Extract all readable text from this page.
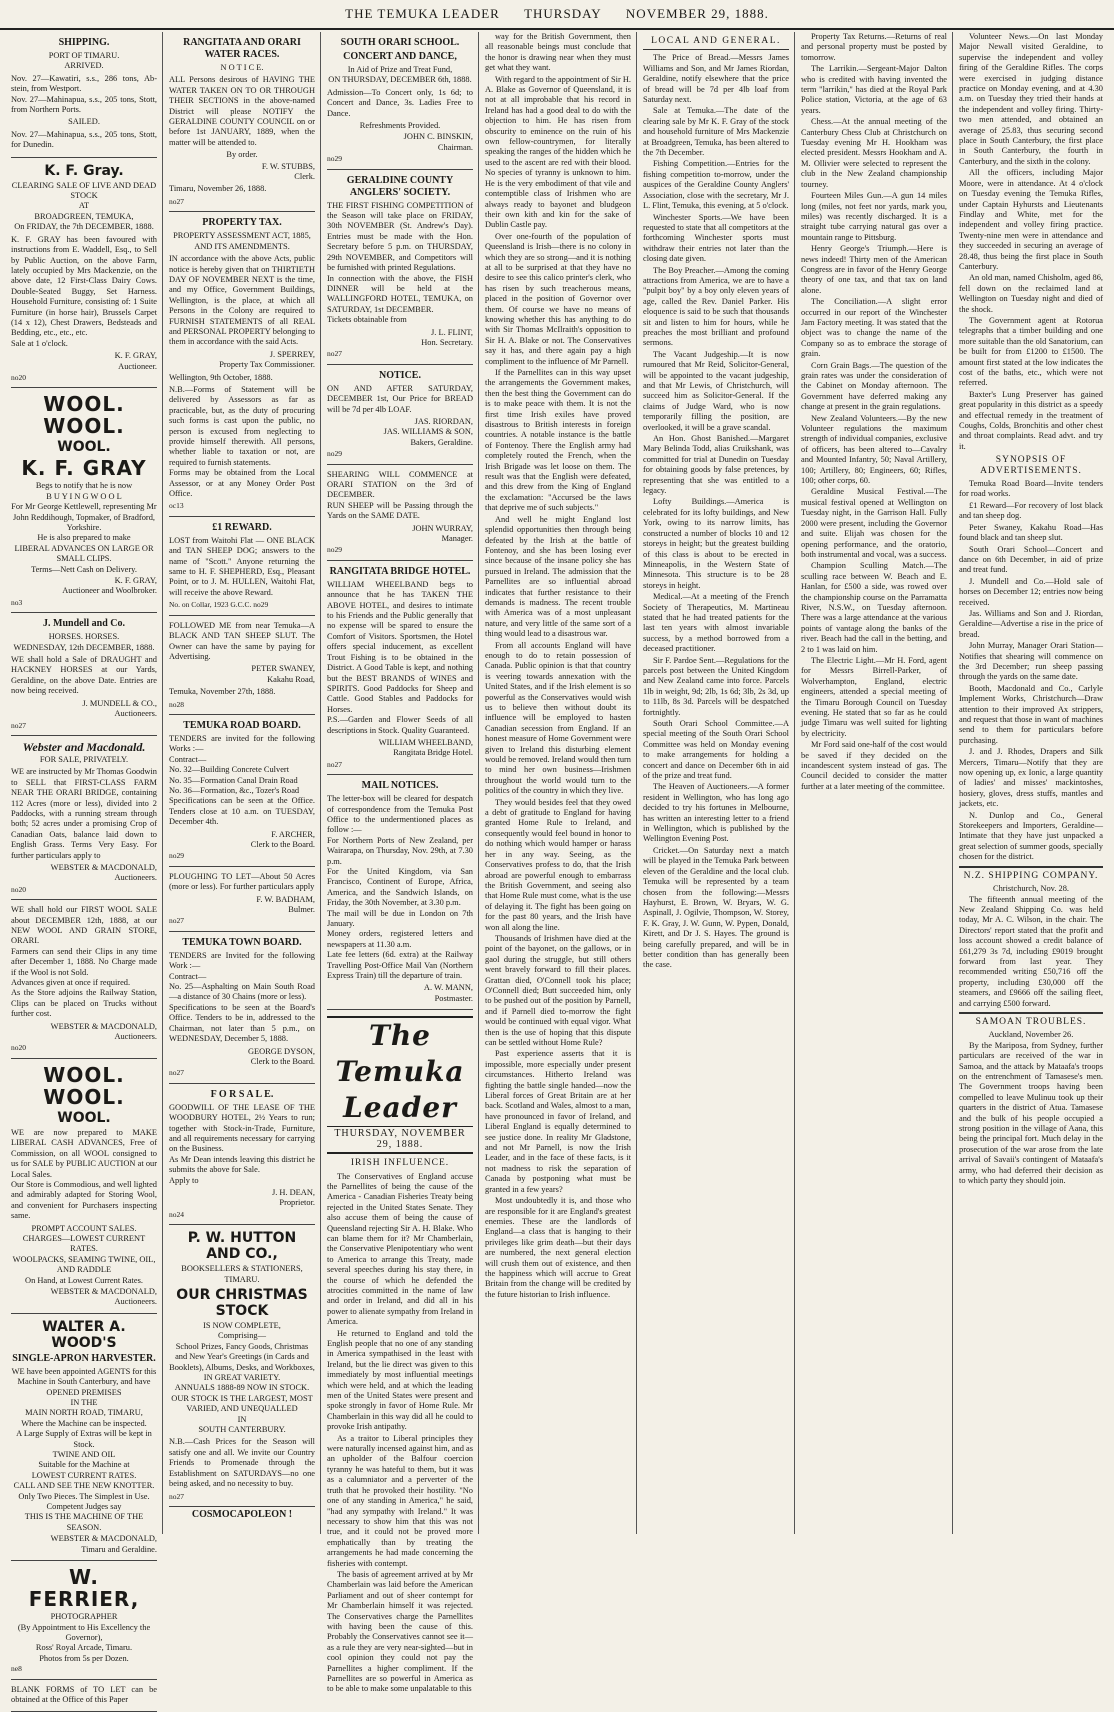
THE TEMUKA LEADER THURSDAY NOVEMBER 29, 1888.
SHIPPING.
PORT OF TIMARU.
ARRIVED.
Nov. 27—Kawatiri, s.s., 286 tons, Ab-stein, from Westport.
Nov. 27—Mahinapua, s.s., 205 tons, Stott, from Northern Ports.
SAILED.
Nov. 27—Mahinapua, s.s., 205 tons, Stott, for Dunedin.
K. F. Gray.
CLEARING SALE OF LIVE AND DEAD STOCK
AT
BROADGREEN, TEMUKA,
On FRIDAY, the 7th DECEMBER, 1888.
K. F. GRAY has been favoured with instructions from E. Waddell, Esq., to Sell by Public Auction, on the above Farm, lately occupied by Mrs Mackenzie, on the above date, 12 First-Class Dairy Cows. Double-Seated Buggy, Set Harness. Household Furniture, consisting of: 1 Suite Furniture (in horse hair), Brussels Carpet (14 x 12), Chest Drawers, Bedsteads and Bedding, etc., etc., etc.
Sale at 1 o'clock.
K. F. GRAY,
Auctioneer.
no20
WOOL. WOOL.
WOOL.
K. F. GRAY
Begs to notify that he is now
B U Y I N G W O O L
For Mr George Kettlewell, representing Mr John Reddihough, Topmaker, of Bradford, Yorkshire.
He is also prepared to make
LIBERAL ADVANCES ON LARGE OR SMALL CLIPS.
Terms—Nett Cash on Delivery.
K. F. GRAY,
Auctioneer and Woolbroker.
no3
J. Mundell and Co.
HORSES. HORSES.
WEDNESDAY, 12th DECEMBER, 1888.
WE shall hold a Sale of DRAUGHT and HACKNEY HORSES at our Yards, Geraldine, on the above Date. Entries are now being received.
J. MUNDELL & CO.,
Auctioneers.
no27
Webster and Macdonald.
FOR SALE, PRIVATELY.
WE are instructed by Mr Thomas Goodwin to SELL that FIRST-CLASS FARM NEAR THE ORARI BRIDGE, containing 112 Acres (more or less), divided into 2 Paddocks, with a running stream through both; 52 acres under a promising Crop of Canadian Oats, balance laid down to English Grass. Terms Very Easy. For further particulars apply to
WEBSTER & MACDONALD,
Auctioneers.
no20
WE shall hold our FIRST WOOL SALE about DECEMBER 12th, 1888, at our NEW WOOL AND GRAIN STORE, ORARI.
Farmers can send their Clips in any time after December 1, 1888. No Charge made if the Wool is not Sold.
Advances given at once if required.
As the Store adjoins the Railway Station, Clips can be placed on Trucks without further cost.
WEBSTER & MACDONALD,
Auctioneers.
no20
WOOL. WOOL.
WOOL.
WE are now prepared to MAKE LIBERAL CASH ADVANCES, Free of Commission, on all WOOL consigned to us for SALE by PUBLIC AUCTION at our Local Sales.
Our Store is Commodious, and well lighted and admirably adapted for Storing Wool, and convenient for Purchasers inspecting same.
PROMPT ACCOUNT SALES.
CHARGES—LOWEST CURRENT RATES.
WOOLPACKS, SEAMING TWINE, OIL, AND RADDLE
On Hand, at Lowest Current Rates.
WEBSTER & MACDONALD,
Auctioneers.
WALTER A. WOOD'S
SINGLE-APRON HARVESTER.
WE have been appointed AGENTS for this Machine in South Canterbury, and have
OPENED PREMISES
IN THE
MAIN NORTH ROAD, TIMARU,
Where the Machine can be inspected.
A Large Supply of Extras will be kept in Stock.
TWINE AND OIL
Suitable for the Machine at
LOWEST CURRENT RATES.
CALL AND SEE THE NEW KNOTTER.
Only Two Pieces. The Simplest in Use.
Competent Judges say
THIS IS THE MACHINE OF THE SEASON.
WEBSTER & MACDONALD,
Timaru and Geraldine.
W. FERRIER,
PHOTOGRAPHER
(By Appointment to His Excellency the Governor),
Ross' Royal Arcade, Timaru.
Photos from 5s per Dozen.
ne8
BLANK FORMS of TO LET can be obtained at the Office of this Paper
RANGITATA AND ORARI WATER RACES.
N O T I C E.
ALL Persons desirous of HAVING THE WATER TAKEN ON TO OR THROUGH THEIR SECTIONS in the above-named District will please NOTIFY the GERALDINE COUNTY COUNCIL on or before 1st JANUARY, 1889, when the matter will be attended to.
By order.
F. W. STUBBS,
Clerk.
Timaru, November 26, 1888.
no27
PROPERTY TAX.
PROPERTY ASSESSMENT ACT, 1885, AND ITS AMENDMENTS.
IN accordance with the above Acts, public notice is hereby given that on THIRTIETH DAY OF NOVEMBER NEXT is the time, and my Office, Government Buildings, Wellington, is the place, at which all Persons in the Colony are required to FURNISH STATEMENTS of all REAL and PERSONAL PROPERTY belonging to them in accordance with the said Acts.
J. SPERREY,
Property Tax Commissioner.
Wellington, 9th October, 1888.
N.B.—Forms of Statement will be delivered by Assessors as far as practicable, but, as the duty of procuring such forms is cast upon the public, no person is excused from neglecting to provide himself therewith. All persons, whether liable to taxation or not, are required to furnish statements.
Forms may be obtained from the Local Assessor, or at any Money Order Post Office.
oc13
£1 REWARD.
LOST from Waitohi Flat — ONE BLACK and TAN SHEEP DOG; answers to the name of "Scott." Anyone returning the same to H. F. SHEPHERD, Esq., Pleasant Point, or to J. M. HULLEN, Waitohi Flat, will receive the above Reward.
No. on Collar, 1923 G.C.C. no29
FOLLOWED ME from near Temuka—A BLACK AND TAN SHEEP SLUT. The Owner can have the same by paying for Advertising.
PETER SWANEY,
Kakahu Road,
Temuka, November 27th, 1888.
no28
TEMUKA ROAD BOARD.
TENDERS are invited for the following Works :—
Contract—
No. 32—Building Concrete Culvert
No. 35—Formation Canal Drain Road
No. 36—Formation, &c., Tozer's Road
Specifications can be seen at the Office. Tenders close at 10 a.m. on TUESDAY, December 4th.
F. ARCHER,
Clerk to the Board.
no29
PLOUGHING TO LET—About 50 Acres (more or less). For further particulars apply
F. W. BADHAM,
Bulmer.
no27
TEMUKA TOWN BOARD.
TENDERS are Invited for the following Work :—
Contract—
No. 25—Asphalting on Main South Road—a distance of 30 Chains (more or less).
Specifications to be seen at the Board's Office. Tenders to be in, addressed to the Chairman, not later than 5 p.m., on WEDNESDAY, December 5, 1888.
GEORGE DYSON,
Clerk to the Board.
no27
F O R S A L E.
GOODWILL OF THE LEASE OF THE WOODBURY HOTEL, 2½ Years to run; together with Stock-in-Trade, Furniture, and all requirements necessary for carrying on the Business.
As Mr Dean intends leaving this district he submits the above for Sale.
Apply to
J. H. DEAN,
Proprietor.
no24
P. W. HUTTON AND CO.,
BOOKSELLERS & STATIONERS,
TIMARU.
OUR CHRISTMAS STOCK
IS NOW COMPLETE,
Comprising—
School Prizes, Fancy Goods, Christmas and New Year's Greetings (in Cards and Booklets), Albums, Desks, and Workboxes,
IN GREAT VARIETY.
ANNUALS 1888-89 NOW IN STOCK.
OUR STOCK IS THE LARGEST, MOST VARIED, AND UNEQUALLED
IN
SOUTH CANTERBURY.
N.B.—Cash Prices for the Season will satisfy one and all. We invite our Country Friends to Promenade through the Establishment on SATURDAYS—no one being asked, and no necessity to buy.
no27
COSMOCAPOLEON !
SOUTH ORARI SCHOOL.
CONCERT AND DANCE,
In Aid of Prize and Treat Fund,
ON THURSDAY, DECEMBER 6th, 1888.
Admission—To Concert only, 1s 6d; to Concert and Dance, 3s. Ladies Free to Dance.
Refreshments Provided.
JOHN C. BINSKIN,
Chairman.
no29
GERALDINE COUNTY ANGLERS' SOCIETY.
THE FIRST FISHING COMPETITION of the Season will take place on FRIDAY, 30th NOVEMBER (St. Andrew's Day). Entries must be made with the Hon. Secretary before 5 p.m. on THURSDAY, 29th NOVEMBER, and Competitors will be furnished with printed Regulations.
In connection with the above, the FISH DINNER will be held at the WALLINGFORD HOTEL, TEMUKA, on SATURDAY, 1st DECEMBER.
Tickets obtainable from
J. L. FLINT,
Hon. Secretary.
no27
NOTICE.
ON AND AFTER SATURDAY, DECEMBER 1st, Our Price for BREAD will be 7d per 4lb LOAF.
JAS. RIORDAN,
JAS. WILLIAMS & SON,
Bakers, Geraldine.
no29
SHEARING WILL COMMENCE at ORARI STATION on the 3rd of DECEMBER.
RUN SHEEP will be Passing through the Yards on the SAME DATE.
JOHN WURRAY,
Manager.
no29
RANGITATA BRIDGE HOTEL.
WILLIAM WHEELBAND begs to announce that he has TAKEN THE ABOVE HOTEL, and desires to intimate to his Friends and the Public generally that no expense will be spared to ensure the Comfort of Visitors. Sportsmen, the Hotel offers special inducement, as excellent Trout Fishing is to be obtained in the District. A Good Table is kept, and nothing but the BEST BRANDS of WINES and SPIRITS. Good Paddocks for Sheep and Cattle. Good Stables and Paddocks for Horses.
P.S.—Garden and Flower Seeds of all descriptions in Stock. Quality Guaranteed.
WILLIAM WHEELBAND,
Rangitata Bridge Hotel.
no27
MAIL NOTICES.
The letter-box will be cleared for despatch of correspondence from the Temuka Post Office to the undermentioned places as follow :—
For Northern Ports of New Zealand, per Wairarapa, on Thursday, Nov. 29th, at 7.30 p.m.
For the United Kingdom, via San Francisco, Continent of Europe, Africa, America, and the Sandwich Islands, on Friday, the 30th November, at 3.30 p.m.
The mail will be due in London on 7th January.
Money orders, registered letters and newspapers at 11.30 a.m.
Late fee letters (6d. extra) at the Railway Travelling Post-Office Mail Van (Northern Express Train) till the departure of train.
A. W. MANN,
Postmaster.
The Temuka Leader
THURSDAY, NOVEMBER 29, 1888.
IRISH INFLUENCE.

The Conservatives of England accuse the Parnellites of being the cause of the America - Canadian Fisheries Treaty being rejected in the United States Senate. They also accuse them of being the cause of Queensland rejecting Sir A. H. Blake. Who can blame them for it? Mr Chamberlain, the Conservative Plenipotentiary who went to America to arrange this Treaty, made several speeches during his stay there, in the course of which he defended the atrocities committed in the name of law and order in Ireland, and did all in his power to alienate sympathy from Ireland in America.

He returned to England and told the English people that no one of any standing in America sympathised in the least with Ireland, but the lie direct was given to this immediately by most influential meetings which were held, and at which the leading men of the United States were present and spoke strongly in favor of Home Rule. Mr Chamberlain in this way did all he could to provoke Irish antipathy.

As a traitor to Liberal principles they were naturally incensed against him, and as an upholder of the Balfour coercion tyranny he was hateful to them, but it was as a calumniator and a perverter of the truth that he provoked their hostility. "No one of any standing in America," he said, "had any sympathy with Ireland." It was necessary to show him that this was not true, and it could not be proved more emphatically than by treating the arrangements he had made concerning the fisheries with contempt.

The basis of agreement arrived at by Mr Chamberlain was laid before the American Parliament and out of sheer contempt for Mr Chamberlain himself it was rejected. The Conservatives charge the Parnellites with having been the cause of this. Probably the Conservatives cannot see it—as a rule they are very near-sighted—but in cool opinion they could not pay the Parnellites a higher compliment. If the Parnellites are so powerful in America as to be able to make some unpalatable to this

way for the British Government, then all reasonable beings must conclude that the honor is drawing near when they must get what they want.

With regard to the appointment of Sir H. A. Blake as Governor of Queensland, it is not at all improbable that his record in Ireland has had a good deal to do with the objection to him. He has risen from obscurity to eminence on the ruin of his own fellow-countrymen, for literally speaking the ranges of the hidden which he used to the ascent are red with their blood. No species of tyranny is unknown to him. He is the very embodiment of that vile and contemptible class of Irishmen who are always ready to bayonet and bludgeon their own kith and kin for the sake of Dublin Castle pay.

Over one-fourth of the population of Queensland is Irish—there is no colony in which they are so strong—and it is nothing at all to be surprised at that they have no desire to see this calico printer's clerk, who has risen by such treacherous means, placed in the position of Governor over them. Of course we have no means of knowing whether this has anything to do with Sir Thomas McIlraith's opposition to Sir H. A. Blake or not. The Conservatives say it has, and there again pay a high compliment to the influence of Mr Parnell.

If the Parnellites can in this way upset the arrangements the Government makes, then the best thing the Government can do is to make peace with them. It is not the first time Irish exiles have proved disastrous to British interests in foreign countries. A notable instance is the battle of Fontenoy. There the English army had completely routed the French, when the Irish Brigade was let loose on them. The result was that the English were defeated, and this drew from the King of England the exclamation: "Accursed be the laws that deprive me of such subjects."

And well he might England lost splendid opportunities then through being defeated by the Irish at the battle of Fontenoy, and she has been losing ever since because of the insane policy she has pursued in Ireland. The admission that the Parnellites are so influential abroad indicates that further resistance to their demands is madness. The recent trouble with America was of a most unpleasant nature, and very little of the same sort of a thing would lead to a disastrous war.

From all accounts England will have enough to do to retain possession of Canada. Public opinion is that that country is veering towards annexation with the United States, and if the Irish element is so powerful as the Conservatives would wish us to believe then without doubt its influence will be employed to hasten Canadian secession from England. If an honest measure of Home Government were given to Ireland this disturbing element would be removed. Ireland would then turn to mind her own business—Irishmen throughout the world would turn to the politics of the country in which they live.

They would besides feel that they owed a debt of gratitude to England for having granted Home Rule to Ireland, and consequently would feel bound in honor to do nothing which would hamper or harass her in any way. Seeing, as the Conservatives profess to do, that the Irish abroad are powerful enough to embarrass the British Government, and seeing also that Home Rule must come, what is the use of delaying it. The fight has been going on for the past 80 years, and the Irish have won all along the line.

Thousands of Irishmen have died at the point of the bayonet, on the gallows, or in gaol during the struggle, but still others went bravely forward to fill their places. Grattan died, O'Connell took his place; O'Connell died; Butt succeeded him, only to be pushed out of the position by Parnell, and if Parnell died to-morrow the fight would be continued with equal vigor. What then is the use of hoping that this dispute can be settled without Home Rule?

Past experience asserts that it is impossible, more especially under present circumstances. Hitherto Ireland was fighting the battle single handed—now the Liberal forces of Great Britain are at her back. Scotland and Wales, almost to a man, have pronounced in favor of Ireland, and Liberal England is equally determined to see justice done. In reality Mr Gladstone, and not Mr Parnell, is now the Irish Leader, and in the face of these facts, is it not madness to risk the separation of Canada by postponing what must be granted in a few years?

Most undoubtedly it is, and those who are responsible for it are England's greatest enemies. These are the landlords of England—a class that is hanging to their privileges like grim death—but their days are numbered, the next general election will crush them out of existence, and then the happiness which will accrue to Great Britain from the change will be credited by the future historian to Irish influence.

LOCAL AND GENERAL.

The Price of Bread.—Messrs James Williams and Son, and Mr James Riordan, Geraldine, notify elsewhere that the price of bread will be 7d per 4lb loaf from Saturday next.

Sale at Temuka.—The date of the clearing sale by Mr K. F. Gray of the stock and household furniture of Mrs Mackenzie at Broadgreen, Temuka, has been altered to the 7th December.

Fishing Competition.—Entries for the fishing competition to-morrow, under the auspices of the Geraldine County Anglers' Association, close with the secretary, Mr J. L. Flint, Temuka, this evening, at 5 o'clock.

Winchester Sports.—We have been requested to state that all competitors at the forthcoming Winchester sports must withdraw their entries not later than the closing date given.

The Boy Preacher.—Among the coming attractions from America, we are to have a "pulpit boy" by a boy only eleven years of age, called the Rev. Daniel Parker. His eloquence is said to be such that thousands sit and listen to him for hours, while he preaches the most brilliant and profound sermons.

The Vacant Judgeship.—It is now rumoured that Mr Reid, Solicitor-General, will be appointed to the vacant judgeship, and that Mr Lewis, of Christchurch, will succeed him as Solicitor-General. If the claims of Judge Ward, who is now temporarily filling the position, are overlooked, it will be a grave scandal.

An Hon. Ghost Banished.—Margaret Mary Belinda Todd, alias Cruikshank, was committed for trial at Dunedin on Tuesday for obtaining goods by false pretences, by representing that she was entitled to a legacy.

Lofty Buildings.—America is celebrated for its lofty buildings, and New York, owing to its narrow limits, has constructed a number of blocks 10 and 12 storeys in height; but the greatest building of this class is about to be erected in Minneapolis, in the Western State of Minnesota. This structure is to be 28 storeys in height.

Medical.—At a meeting of the French Society of Therapeutics, M. Martineau stated that he had treated patients for the last ten years with almost invariable success, by a method borrowed from a deceased practitioner.

Sir F. Pardoe Sent.—Regulations for the parcels post between the United Kingdom and New Zealand came into force. Parcels 1lb in weight, 9d; 2lb, 1s 6d; 3lb, 2s 3d, up to 11lb, 8s 3d. Parcels will be despatched fortnightly.

South Orari School Committee.—A special meeting of the South Orari School Committee was held on Monday evening to make arrangements for holding a concert and dance on December 6th in aid of the prize and treat fund.

The Heaven of Auctioneers.—A former resident in Wellington, who has long ago decided to try his fortunes in Melbourne, has written an interesting letter to a friend in Wellington, which is published by the Wellington Evening Post.

Cricket.—On Saturday next a match will be played in the Temuka Park between eleven of the Geraldine and the local club. Temuka will be represented by a team chosen from the following:—Messrs Hayhurst, E. Brown, W. Bryars, W. G. Aspinall, J. Ogilvie, Thompson, W. Storey, F. K. Gray, J. W. Gunn, W. Pypen, Donald, Kirett, and Dr J. S. Hayes. The ground is being carefully prepared, and will be in better condition than has generally been the case.

Property Tax Returns.—Returns of real and personal property must be posted by tomorrow.

The Larrikin.—Sergeant-Major Dalton who is credited with having invented the term "larrikin," has died at the Royal Park Police station, Victoria, at the age of 63 years.

Chess.—At the annual meeting of the Canterbury Chess Club at Christchurch on Tuesday evening Mr H. Hookham was elected president. Messrs Hookham and A. M. Ollivier were selected to represent the club in the New Zealand championship tourney.

Fourteen Miles Gun.—A gun 14 miles long (miles, not feet nor yards, mark you, miles) was recently discharged. It is a straight tube carrying natural gas over a mountain range to Pittsburg.

Henry George's Triumph.—Here is news indeed! Thirty men of the American Congress are in favor of the Henry George theory of one tax, and that tax on land alone.

The Conciliation.—A slight error occurred in our report of the Winchester Jam Factory meeting. It was stated that the object was to change the name of the Company so as to embrace the storage of grain.

Corn Grain Bags.—The question of the grain rates was under the consideration of the Cabinet on Monday afternoon. The Government have deferred making any change at present in the grain regulations.

New Zealand Volunteers.—By the new Volunteer regulations the maximum strength of individual companies, exclusive of officers, has been altered to—Cavalry and Mounted Infantry, 50; Naval Artillery, 100; Artillery, 80; Engineers, 60; Rifles, 100; other corps, 60.

Geraldine Musical Festival.—The musical festival opened at Wellington on Tuesday night, in the Garrison Hall. Fully 2000 were present, including the Governor and suite. Elijah was chosen for the opening performance, and the oratorio, both instrumental and vocal, was a success.

Champion Sculling Match.—The sculling race between W. Beach and E. Hanlan, for £500 a side, was rowed over the championship course on the Parramatta River, N.S.W., on Tuesday afternoon. There was a large attendance at the various points of vantage along the banks of the river. Beach had the call in the betting, and 2 to 1 was laid on him.

The Electric Light.—Mr H. Ford, agent for Messrs Birrell-Parker, of Wolverhampton, England, electric engineers, attended a special meeting of the Timaru Borough Council on Tuesday evening. He stated that so far as he could judge Timaru was well suited for lighting by electricity.

Mr Ford said one-half of the cost would be saved if they decided on the incandescent system instead of gas. The Council decided to consider the matter further at a later meeting of the committee.

Volunteer News.—On last Monday Major Newall visited Geraldine, to supervise the independent and volley firing of the Geraldine Rifles. The corps were exercised in judging distance practice on Monday evening, and at 4.30 a.m. on Tuesday they tried their hands at the independent and volley firing. Thirty-two men attended, and obtained an average of 25.83, thus securing second place in South Canterbury, the first place in South Canterbury, the fourth in Canterbury, and the sixth in the colony.

All the officers, including Major Moore, were in attendance. At 4 o'clock on Tuesday evening the Temuka Rifles, under Captain Hyhursts and Lieutenants Findlay and White, met for the independent and volley firing practice. Twenty-nine men were in attendance and they succeeded in securing an average of 28.48, thus being the first place in South Canterbury.

An old man, named Chisholm, aged 86, fell down on the reclaimed land at Wellington on Tuesday night and died of the shock.

The Government agent at Rotorua telegraphs that a timber building and one more suitable than the old Sanatorium, can be built for from £1200 to £1500. The amount first stated at the low indicates the cost of the baths, etc., which were not referred.

Baxter's Lung Preserver has gained great popularity in this district as a speedy and effectual remedy in the treatment of Coughs, Colds, Bronchitis and other chest and throat complaints. Read advt. and try it.

SYNOPSIS OF ADVERTISEMENTS.

Temuka Road Board—Invite tenders for road works.

£1 Reward—For recovery of lost black and tan sheep dog.

Peter Swaney, Kakahu Road—Has found black and tan sheep slut.

South Orari School—Concert and dance on 6th December, in aid of prize and treat fund.

J. Mundell and Co.—Hold sale of horses on December 12; entries now being received.

Jas. Williams and Son and J. Riordan, Geraldine—Advertise a rise in the price of bread.

John Murray, Manager Orari Station—Notifies that shearing will commence on the 3rd December; run sheep passing through the yards on the same date.

Booth, Macdonald and Co., Carlyle Implement Works, Christchurch—Draw attention to their improved Ax strippers, and request that those in want of machines send to them for particulars before purchasing.

J. and J. Rhodes, Drapers and Silk Mercers, Timaru—Notify that they are now opening up, ex Ionic, a large quantity of ladies' and misses' mackintoshes, hosiery, gloves, dress stuffs, mantles and jackets, etc.

N. Dunlop and Co., General Storekeepers and Importers, Geraldine—Intimate that they have just unpacked a great selection of summer goods, specially chosen for the district.

N.Z. SHIPPING COMPANY.
Christchurch, Nov. 28.

The fifteenth annual meeting of the New Zealand Shipping Co. was held today, Mr A. C. Wilson, in the chair. The Directors' report stated that the profit and loss account showed a credit balance of £61,279 3s 7d, including £9019 brought forward from last year. They recommended writing £50,716 off the property, including £30,000 off the steamers, and £9666 off the sailing fleet, and carrying £500 forward.

SAMOAN TROUBLES.
Auckland, November 26.

By the Mariposa, from Sydney, further particulars are received of the war in Samoa, and the attack by Mataafa's troops on the entrenchment of Tamasese's men. The Government troops having been compelled to leave Mulinuu took up their quarters in the district of Atua. Tamasese and the bulk of his people occupied a strong position in the village of Aana, this being the principal fort. Much delay in the prosecution of the war arose from the late arrival of Savaii's contingent of Mataafa's army, who had deferred their decision as to which party they should join.
